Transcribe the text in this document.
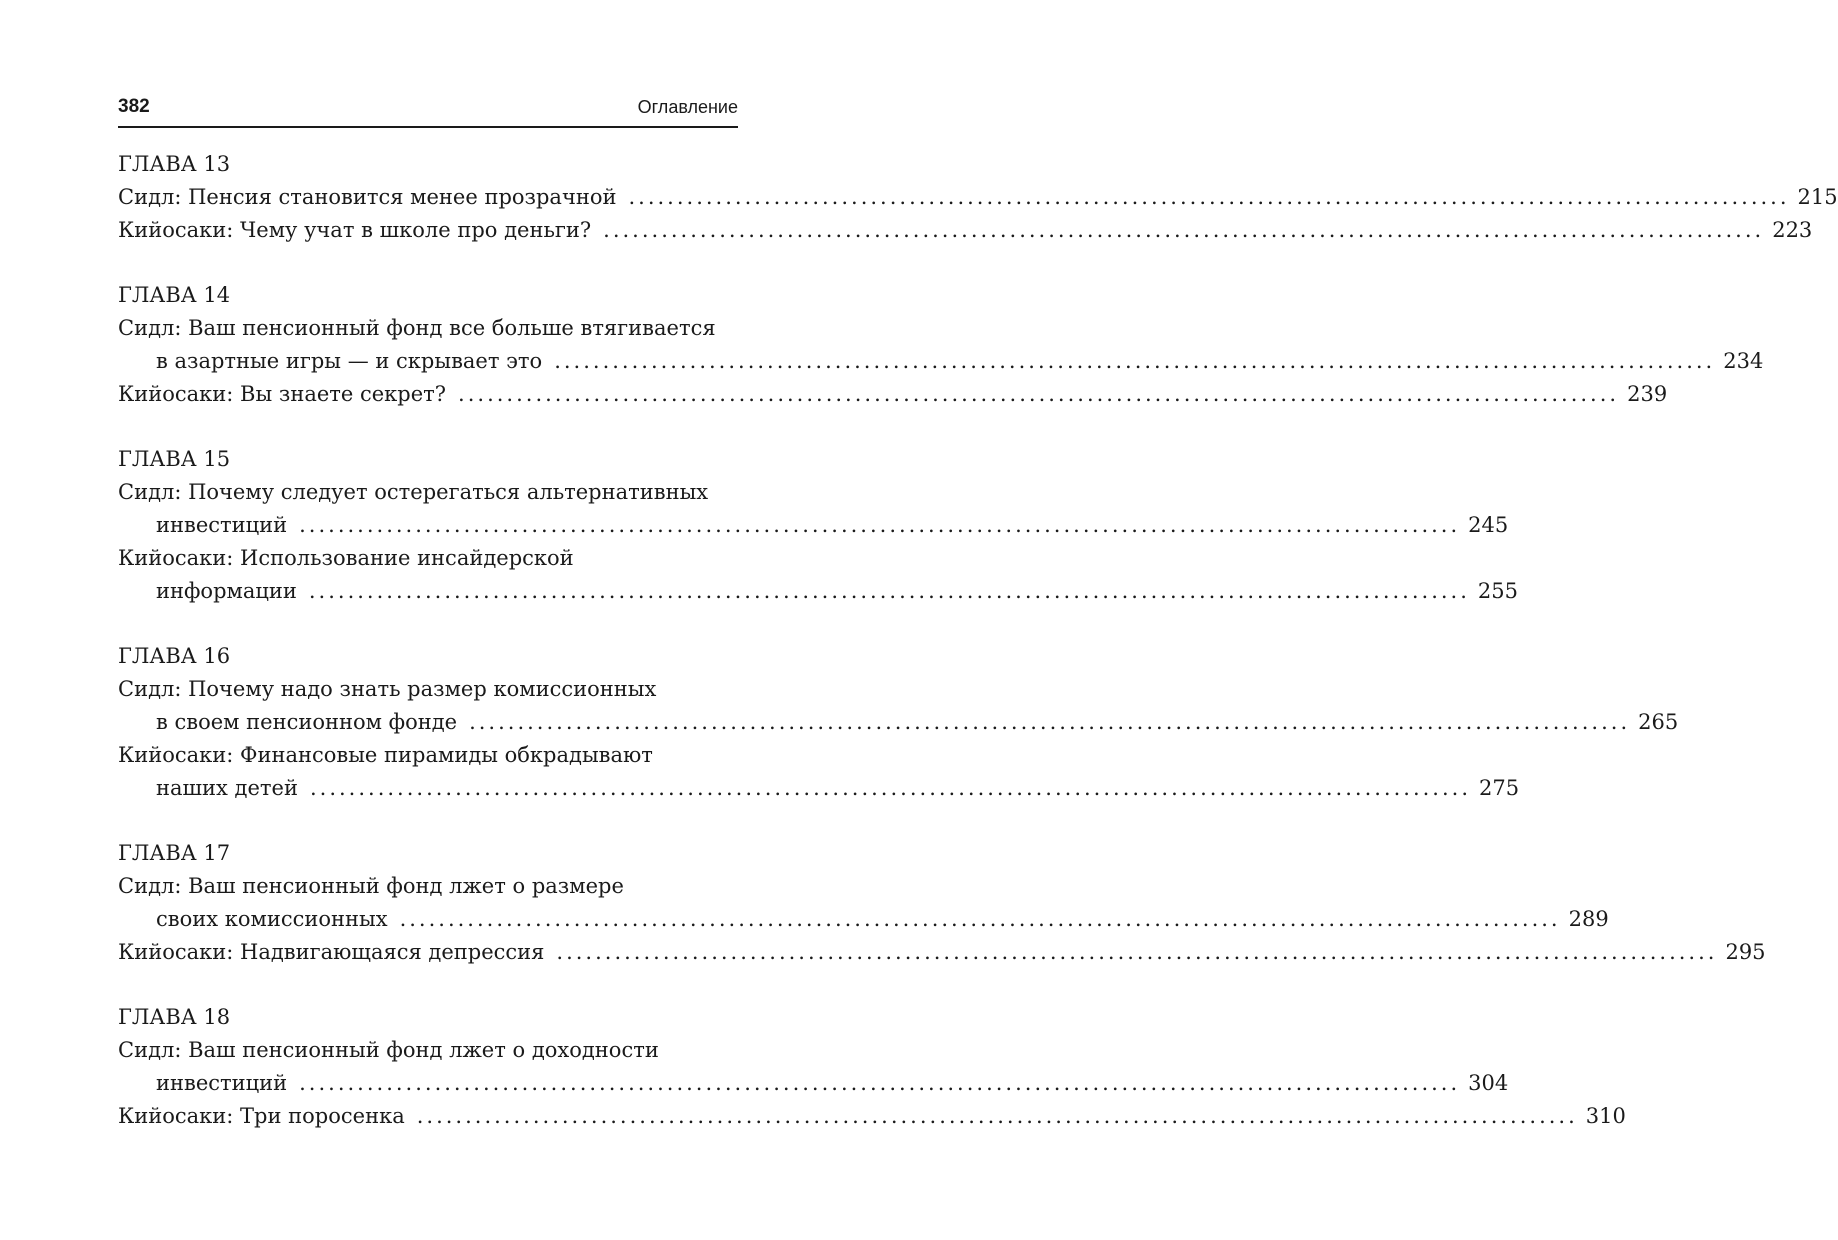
382	Оглавление
ГЛАВА 13
Сидл: Пенсия становится менее прозрачной ........................................................................................................................ 215
Кийосаки: Чему учат в школе про деньги? ........................................................................................................................ 223
ГЛАВА 14
Сидл: Ваш пенсионный фонд все больше втягивается
в азартные игры — и скрывает это ........................................................................................................................ 234
Кийосаки: Вы знаете секрет? ........................................................................................................................ 239
ГЛАВА 15
Сидл: Почему следует остерегаться альтернативных
инвестиций ........................................................................................................................ 245
Кийосаки: Использование инсайдерской
информации ........................................................................................................................ 255
ГЛАВА 16
Сидл: Почему надо знать размер комиссионных
в своем пенсионном фонде ........................................................................................................................ 265
Кийосаки: Финансовые пирамиды обкрадывают
наших детей ........................................................................................................................ 275
ГЛАВА 17
Сидл: Ваш пенсионный фонд лжет о размере
своих комиссионных ........................................................................................................................ 289
Кийосаки: Надвигающаяся депрессия ........................................................................................................................ 295
ГЛАВА 18
Сидл: Ваш пенсионный фонд лжет о доходности
инвестиций ........................................................................................................................ 304
Кийосаки: Три поросенка ........................................................................................................................ 310
